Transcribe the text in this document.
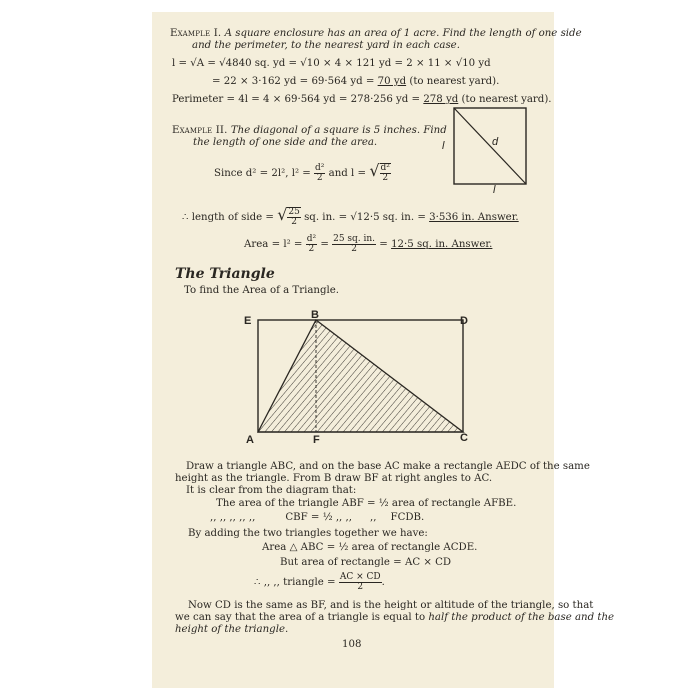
Example I. A square enclosure has an area of 1 acre. Find the length of one side
and the perimeter, to the nearest yard in each case.
l = √A = √4840 sq. yd = √10 × 4 × 121 yd = 2 × 11 × √10 yd
= 22 × 3·162 yd = 69·564 yd = 70 yd (to nearest yard).
Perimeter = 4l = 4 × 69·564 yd = 278·256 yd = 278 yd (to nearest yard).
Example II. The diagonal of a square is 5 inches. Find
the length of one side and the area.
Since d² = 2l², $l^2 = \frac{\text{d²}}{2}$ and l = √ $\frac{\text{d²}}{2}$
∴ length of side = √ $\frac{25}{2}$ sq. in. = √12·5 sq. in. = 3·536 in. Answer.
Area = $l^2 = \frac{\text{d²}}{2} = \frac{25 sq. in.}{2} = 12\cdot 5$ sq. in. Answer.
l
l
d
The Triangle
To find the Area of a Triangle.
E	B	D
A	F	C
Draw a triangle ABC, and on the base AC make a rectangle AEDC of the same
height as the triangle. From B draw BF at right angles to AC.
It is clear from the diagram that:
The area of the triangle ABF = ½ area of rectangle AFBE.
,, ,, ,, ,, ,,	CBF = ½ ,, ,, ,, FCDB.
By adding the two triangles together we have:
Area △ ABC = ½ area of rectangle ACDE.
But area of rectangle = AC × CD
∴ ,, ,, triangle = $\frac{AC \times CD}{2}$ .
Now CD is the same as BF, and is the height or altitude of the triangle, so that
we can say that the area of a triangle is equal to half the product of the base and the
height of the triangle.
108
